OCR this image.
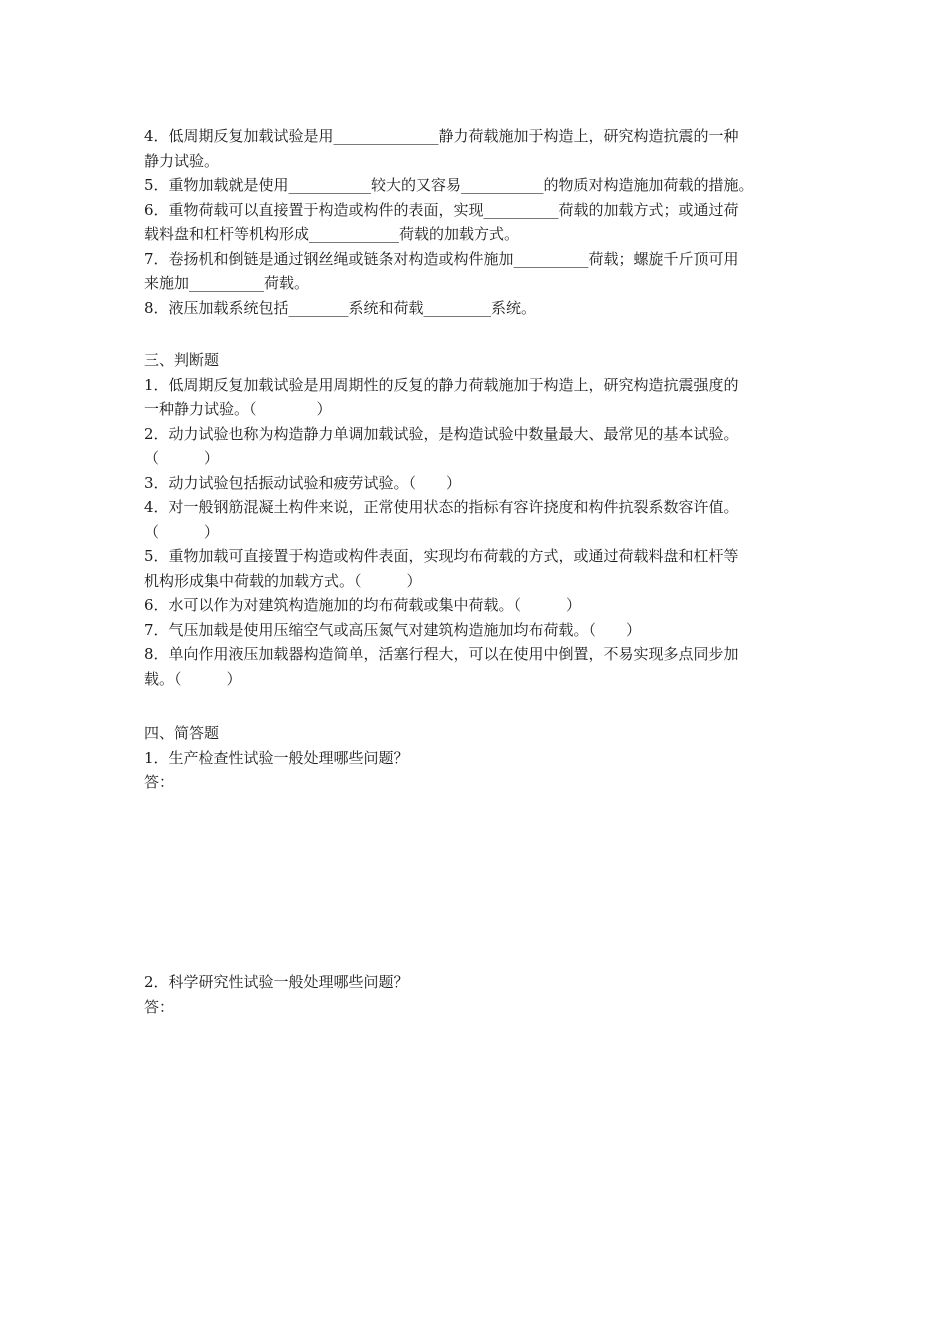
4．低周期反复加载试验是用______________静力荷载施加于构造上，研究构造抗震的一种
静力试验。
5．重物加载就是使用___________较大的又容易___________的物质对构造施加荷载的措施。
6．重物荷载可以直接置于构造或构件的表面，实现__________荷载的加载方式；或通过荷
载料盘和杠杆等机构形成____________荷载的加载方式。
7．卷扬机和倒链是通过钢丝绳或链条对构造或构件施加__________荷载；螺旋千斤顶可用
来施加__________荷载。
8．液压加载系统包括________系统和荷载_________系统。
三、判断题
1．低周期反复加载试验是用周期性的反复的静力荷载施加于构造上，研究构造抗震强度的
一种静力试验。（　　　　）
2．动力试验也称为构造静力单调加载试验，是构造试验中数量最大、最常见的基本试验。
（　　　）
3．动力试验包括振动试验和疲劳试验。（　　）
4．对一般钢筋混凝土构件来说，正常使用状态的指标有容许挠度和构件抗裂系数容许值。
（　　　）
5．重物加载可直接置于构造或构件表面，实现均布荷载的方式，或通过荷载料盘和杠杆等
机构形成集中荷载的加载方式。（　　　）
6．水可以作为对建筑构造施加的均布荷载或集中荷载。（　　　）
7．气压加载是使用压缩空气或高压氮气对建筑构造施加均布荷载。（　　）
8．单向作用液压加载器构造简单，活塞行程大，可以在使用中倒置，不易实现多点同步加
载。（　　　）
四、简答题
1．生产检查性试验一般处理哪些问题？
答：
2．科学研究性试验一般处理哪些问题？
答：
